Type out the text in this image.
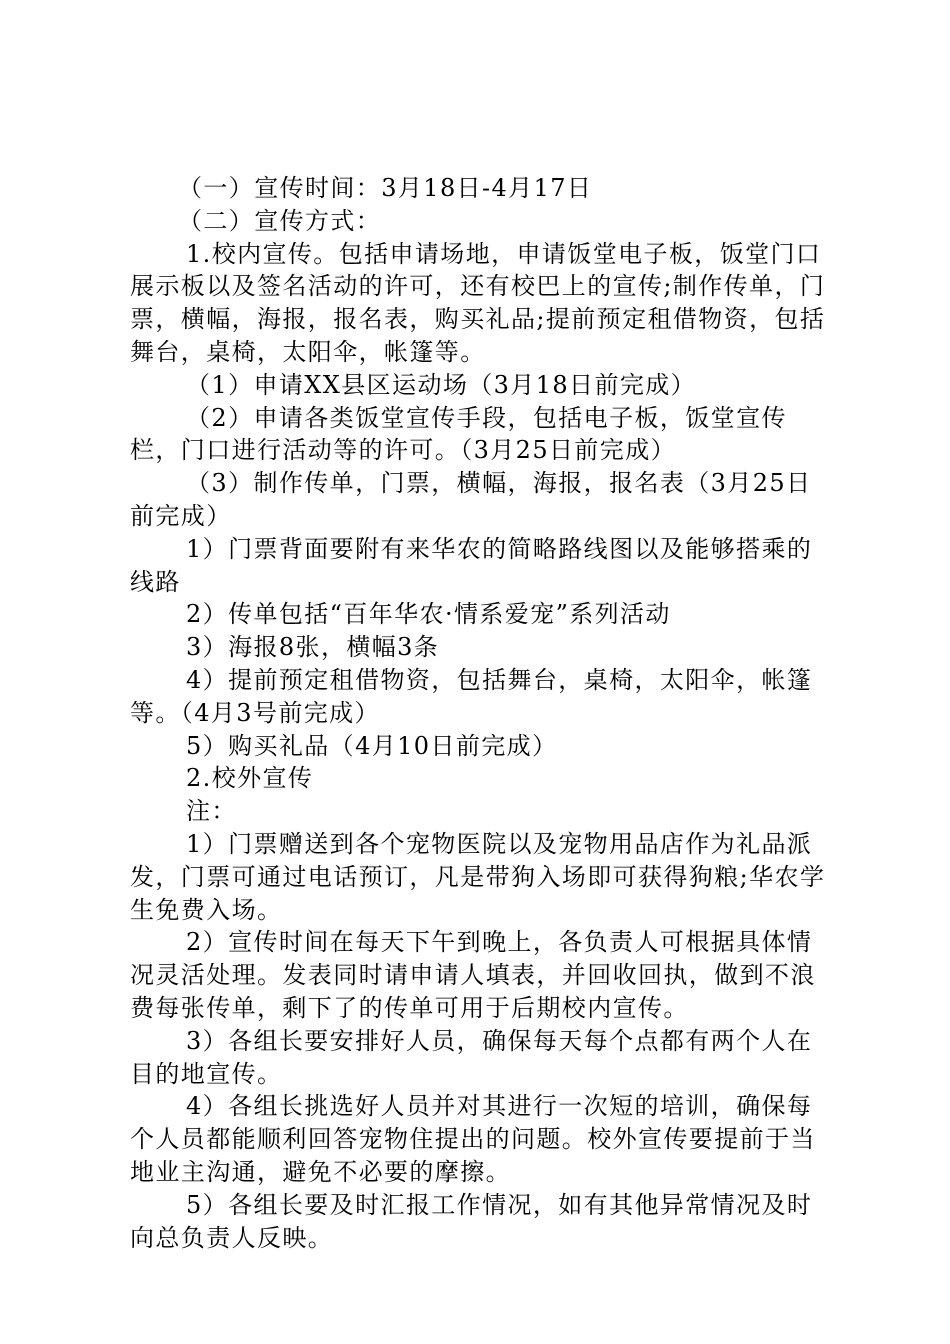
（一）宣传时间：3月18日-4月17日

（二）宣传方式：

1.校内宣传。包括申请场地，申请饭堂电子板，饭堂门口展示板以及签名活动的许可，还有校巴上的宣传;制作传单，门票，横幅，海报，报名表，购买礼品;提前预定租借物资，包括舞台，桌椅，太阳伞，帐篷等。

（1）申请XX县区运动场（3月18日前完成）

（2）申请各类饭堂宣传手段，包括电子板，饭堂宣传栏，门口进行活动等的许可。（3月25日前完成）

（3）制作传单，门票，横幅，海报，报名表（3月25日前完成）

1）门票背面要附有来华农的简略路线图以及能够搭乘的线路

2）传单包括“百年华农·情系爱宠”系列活动

3）海报8张，横幅3条

4）提前预定租借物资，包括舞台，桌椅，太阳伞，帐篷等。（4月3号前完成）

5）购买礼品（4月10日前完成）

2.校外宣传

注：

1）门票赠送到各个宠物医院以及宠物用品店作为礼品派发，门票可通过电话预订，凡是带狗入场即可获得狗粮;华农学生免费入场。

2）宣传时间在每天下午到晚上，各负责人可根据具体情况灵活处理。发表同时请申请人填表，并回收回执，做到不浪费每张传单，剩下了的传单可用于后期校内宣传。

3）各组长要安排好人员，确保每天每个点都有两个人在目的地宣传。

4）各组长挑选好人员并对其进行一次短的培训，确保每个人员都能顺利回答宠物住提出的问题。校外宣传要提前于当地业主沟通，避免不必要的摩擦。

5）各组长要及时汇报工作情况，如有其他异常情况及时向总负责人反映。
